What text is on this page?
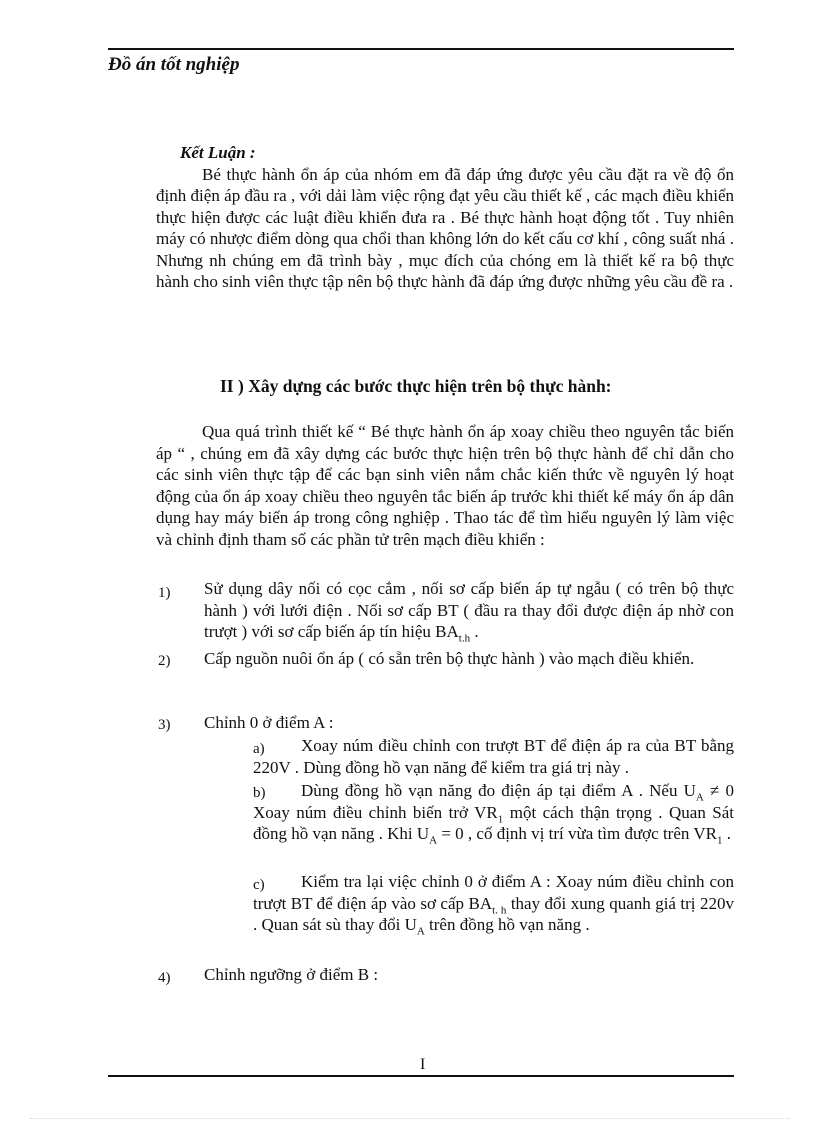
Đồ án tốt nghiệp
Kết Luận :
Bé thực hành ổn áp của nhóm em đã đáp ứng được yêu cầu đặt ra về độ ổn định điện áp đầu ra , với dải làm việc rộng đạt yêu cầu thiết kế , các mạch điều khiển thực hiện được các luật điều khiển đưa ra . Bé thực hành hoạt động tốt . Tuy nhiên máy có nhược điểm dòng qua chổi than không lớn do kết cấu cơ khí , công suất nhá . Nhưng nh chúng em đã trình bày , mục đích của chóng em là thiết kế ra bộ thực hành cho sinh viên thực tập nên bộ thực hành đã đáp ứng được những yêu cầu đề ra .
II ) Xây dựng các bước thực hiện trên bộ thực hành:
Qua quá trình thiết kế “ Bé thực hành ổn áp xoay chiều theo nguyên tắc biến áp “ , chúng em đã xây dựng các bước thực hiện trên bộ thực hành để chỉ dẫn cho các sinh viên thực tập để các bạn sinh viên nắm chắc kiến thức về nguyên lý hoạt động của ổn áp xoay chiều theo nguyên tắc biến áp trước khi thiết kế máy ổn áp dân dụng hay máy biến áp trong công nghiệp . Thao tác để tìm hiểu nguyên lý làm việc và chỉnh định tham số các phần tử trên mạch điều khiển :
1)	Sử dụng dây nối có cọc cắm , nối sơ cấp biến áp tự ngẫu ( có trên bộ thực hành ) với lưới điện . Nối sơ cấp BT ( đầu ra thay đổi được điện áp nhờ con trượt ) với sơ cấp biến áp tín hiệu $BA_{t.h}$ .
2)	Cấp nguồn nuôi ổn áp ( có sẵn trên bộ thực hành ) vào mạch điều khiển.
3)	Chỉnh 0 ở điểm A :
a)	Xoay núm điều chỉnh con trượt BT để điện áp ra của BT bằng 220V . Dùng đồng hồ vạn năng để kiểm tra giá trị này .
b)	Dùng đồng hồ vạn năng đo điện áp tại điểm A . Nếu $U_A \ne 0$ Xoay núm điều chỉnh biến trở $VR_1$ một cách thận trọng . Quan Sát đồng hồ vạn năng . Khi $U_A = 0$ , cố định vị trí vừa tìm được trên $VR_1$ .
c)	Kiểm tra lại việc chỉnh 0 ở điểm A : Xoay núm điều chỉnh con trượt BT để điện áp vào sơ cấp $BA_{t. h}$ thay đổi xung quanh giá trị 220v . Quan sát sù thay đổi $U_A$ trên đồng hồ vạn năng .
4)	Chỉnh ngưỡng ở điểm B :
I
